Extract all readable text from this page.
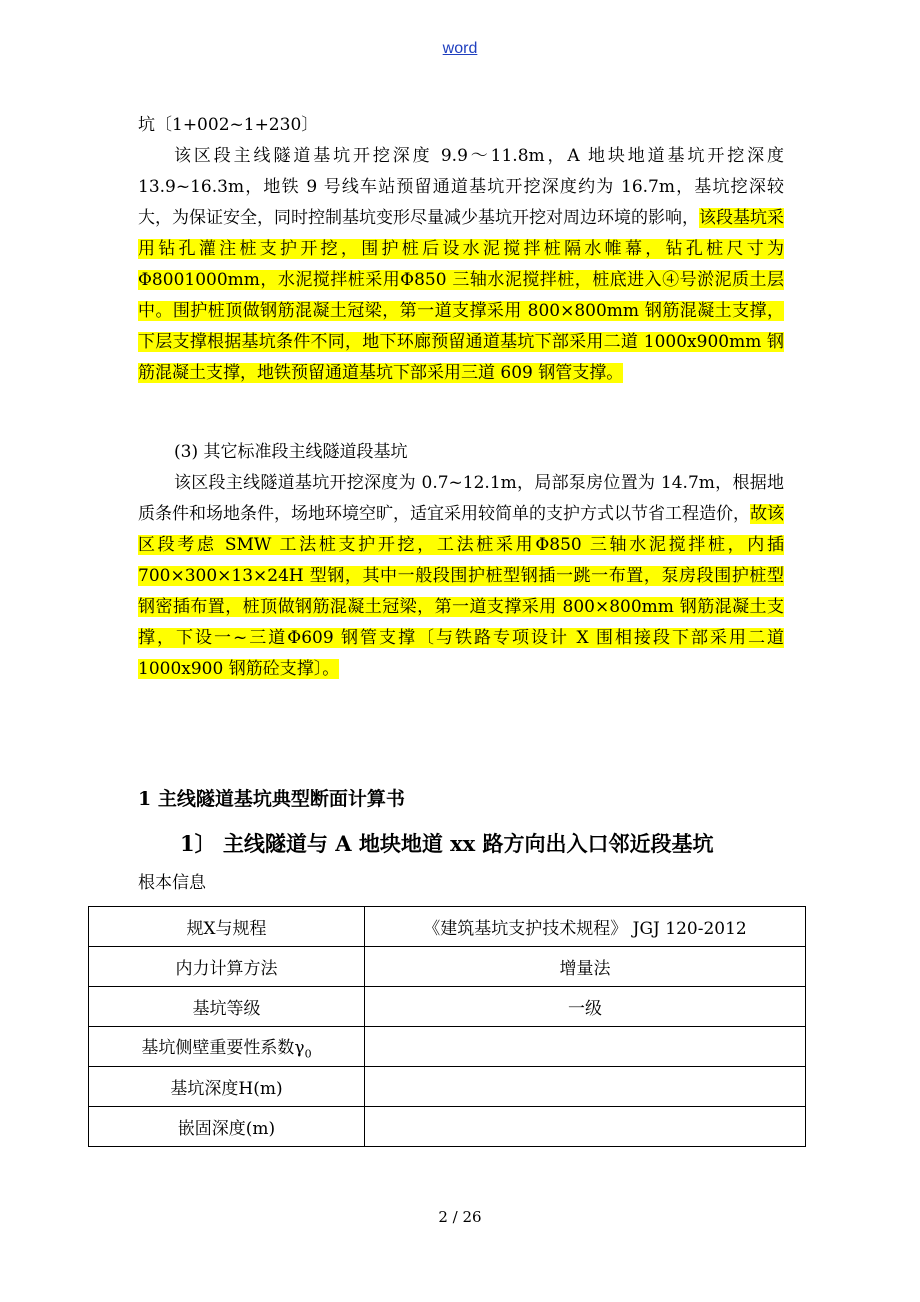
word
坑〔1+002~1+230〕
该区段主线隧道基坑开挖深度 9.9～11.8m，A 地块地道基坑开挖深度 13.9~16.3m，地铁 9 号线车站预留通道基坑开挖深度约为 16.7m，基坑挖深较大，为保证安全，同时控制基坑变形尽量减少基坑开挖对周边环境的影响，该段基坑采用钻孔灌注桩支护开挖，围护桩后设水泥搅拌桩隔水帷幕，钻孔桩尺寸为Φ8001000mm，水泥搅拌桩采用Φ850 三轴水泥搅拌桩，桩底进入④号淤泥质土层中。围护桩顶做钢筋混凝土冠梁，第一道支撑采用 800×800mm 钢筋混凝土支撑，下层支撑根据基坑条件不同，地下环廊预留通道基坑下部采用二道 1000x900mm 钢筋混凝土支撑，地铁预留通道基坑下部采用三道 609 钢管支撑。
(3) 其它标准段主线隧道段基坑
该区段主线隧道基坑开挖深度为 0.7~12.1m，局部泵房位置为 14.7m，根据地质条件和场地条件，场地环境空旷，适宜采用较简单的支护方式以节省工程造价，故该区段考虑 SMW 工法桩支护开挖，工法桩采用Φ850 三轴水泥搅拌桩，内插 700×300×13×24H 型钢，其中一般段围护桩型钢插一跳一布置，泵房段围护桩型钢密插布置，桩顶做钢筋混凝土冠梁，第一道支撑采用 800×800mm 钢筋混凝土支撑，下设一~三道Φ609 钢管支撑〔与铁路专项设计 X 围相接段下部采用二道 1000x900 钢筋砼支撑〕。
1 主线隧道基坑典型断面计算书
1〕 主线隧道与 A 地块地道 xx 路方向出入口邻近段基坑
根本信息
规X与规程	《建筑基坑支护技术规程》 JGJ 120-2012
内力计算方法	增量法
基坑等级	一级
基坑侧壁重要性系数$\gamma_0$	
基坑深度H(m)	
嵌固深度(m)	
2 / 26
